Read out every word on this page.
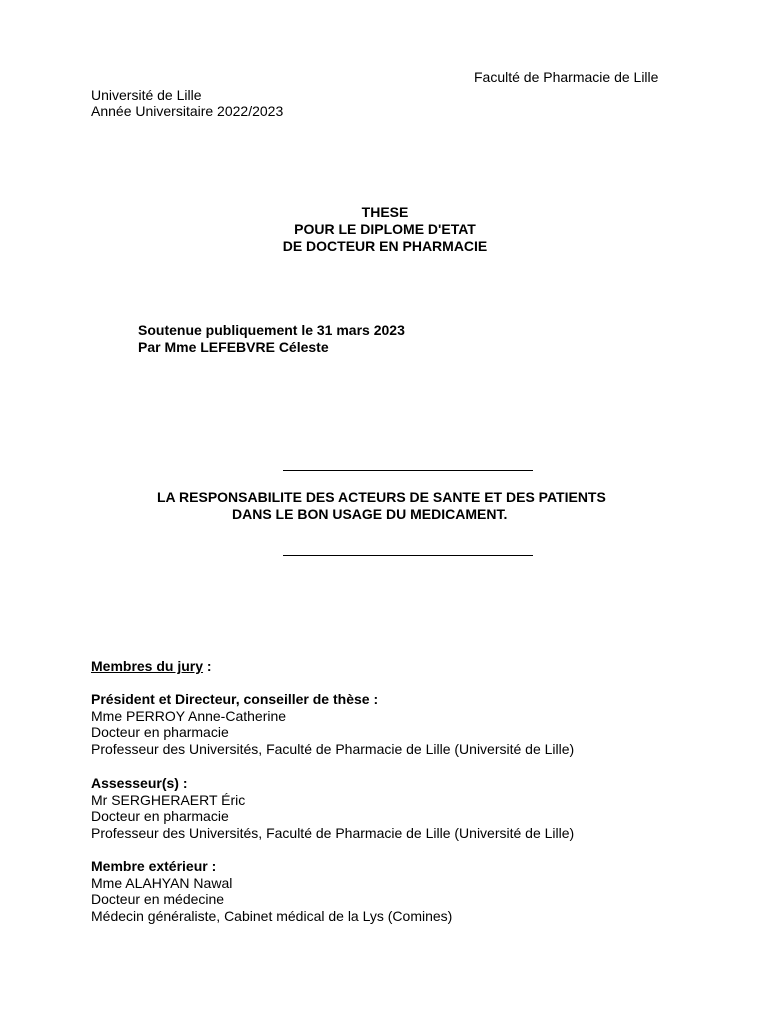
Faculté de Pharmacie de Lille
Université de Lille
Année Universitaire 2022/2023
THESE
POUR LE DIPLOME D'ETAT
DE DOCTEUR EN PHARMACIE
Soutenue publiquement le 31 mars 2023
Par Mme LEFEBVRE Céleste
LA RESPONSABILITE DES ACTEURS DE SANTE ET DES PATIENTS
DANS LE BON USAGE DU MEDICAMENT.
Membres du jury :
Président et Directeur, conseiller de thèse :
Mme PERROY Anne-Catherine
Docteur en pharmacie
Professeur des Universités, Faculté de Pharmacie de Lille (Université de Lille)
Assesseur(s) :
Mr SERGHERAERT Éric
Docteur en pharmacie
Professeur des Universités, Faculté de Pharmacie de Lille (Université de Lille)
Membre extérieur :
Mme ALAHYAN Nawal
Docteur en médecine
Médecin généraliste, Cabinet médical de la Lys (Comines)
